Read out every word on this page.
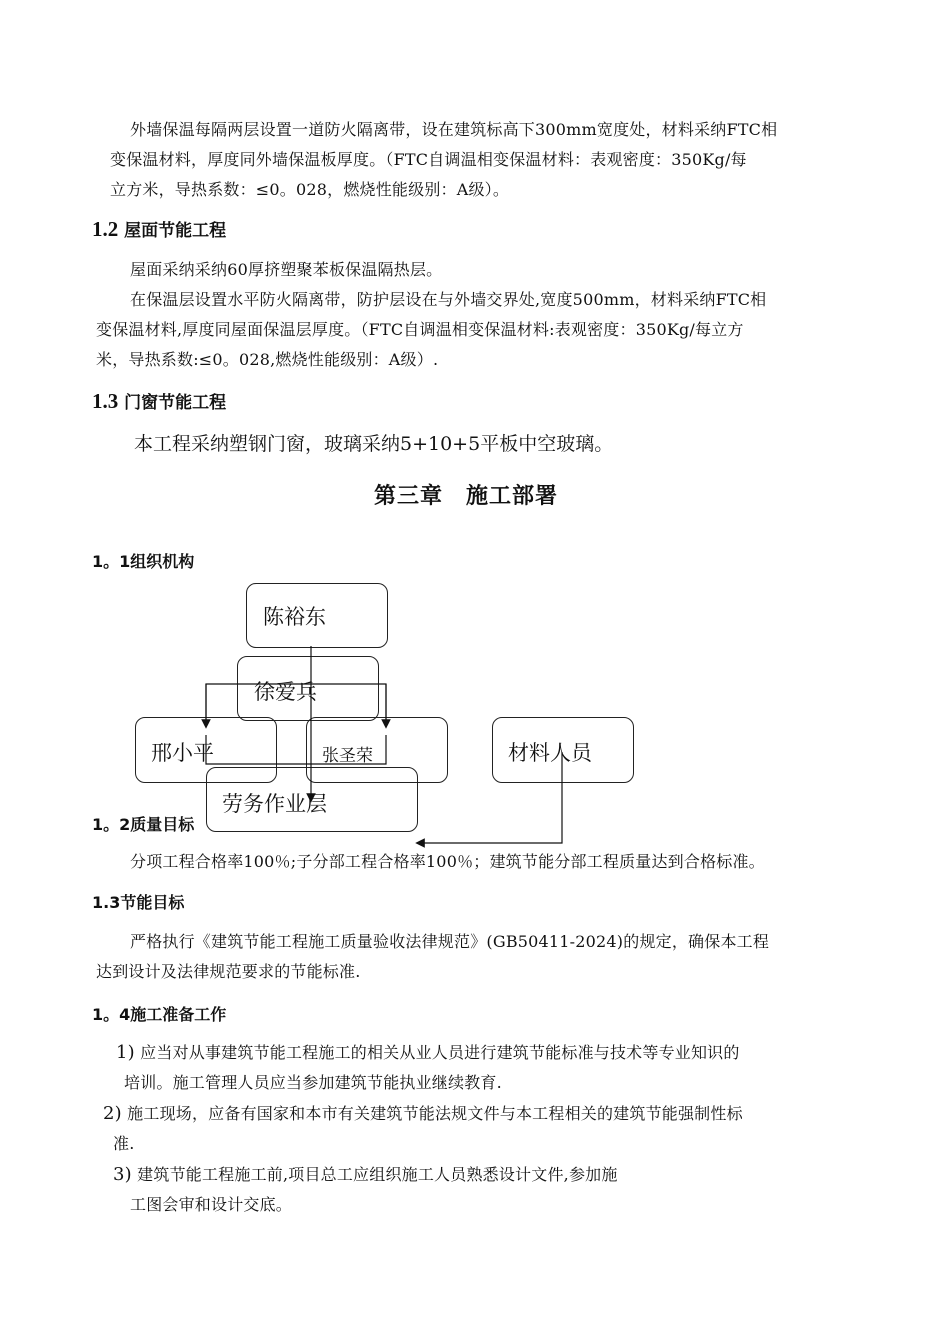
外墙保温每隔两层设置一道防火隔离带，设在建筑标高下300mm宽度处，材料采纳FTC相
变保温材料，厚度同外墙保温板厚度。（FTC自调温相变保温材料：表观密度：350Kg/每
立方米，导热系数：≤0。028，燃烧性能级别：A级）。
1.2 屋面节能工程
屋面采纳采纳60厚挤塑聚苯板保温隔热层。
在保温层设置水平防火隔离带，防护层设在与外墙交界处,宽度500mm，材料采纳FTC相
变保温材料,厚度同屋面保温层厚度。（FTC自调温相变保温材料:表观密度：350Kg/每立方
米，导热系数:≤0。028,燃烧性能级别：A级）.
1.3 门窗节能工程
本工程采纳塑钢门窗，玻璃采纳5+10+5平板中空玻璃。
第三章　施工部署
1。1组织机构
陈裕东
徐爱兵
邢小平	张圣荣	材料人员
劳务作业层
1。2质量目标
分项工程合格率100％;子分部工程合格率100％；建筑节能分部工程质量达到合格标准。
1.3节能目标
严格执行《建筑节能工程施工质量验收法律规范》(GB50411-2024)的规定，确保本工程
达到设计及法律规范要求的节能标准.
1。4施工准备工作
1) 应当对从事建筑节能工程施工的相关从业人员进行建筑节能标准与技术等专业知识的
培训。施工管理人员应当参加建筑节能执业继续教育.
2) 施工现场，应备有国家和本市有关建筑节能法规文件与本工程相关的建筑节能强制性标
准.
3) 建筑节能工程施工前,项目总工应组织施工人员熟悉设计文件,参加施
工图会审和设计交底。
